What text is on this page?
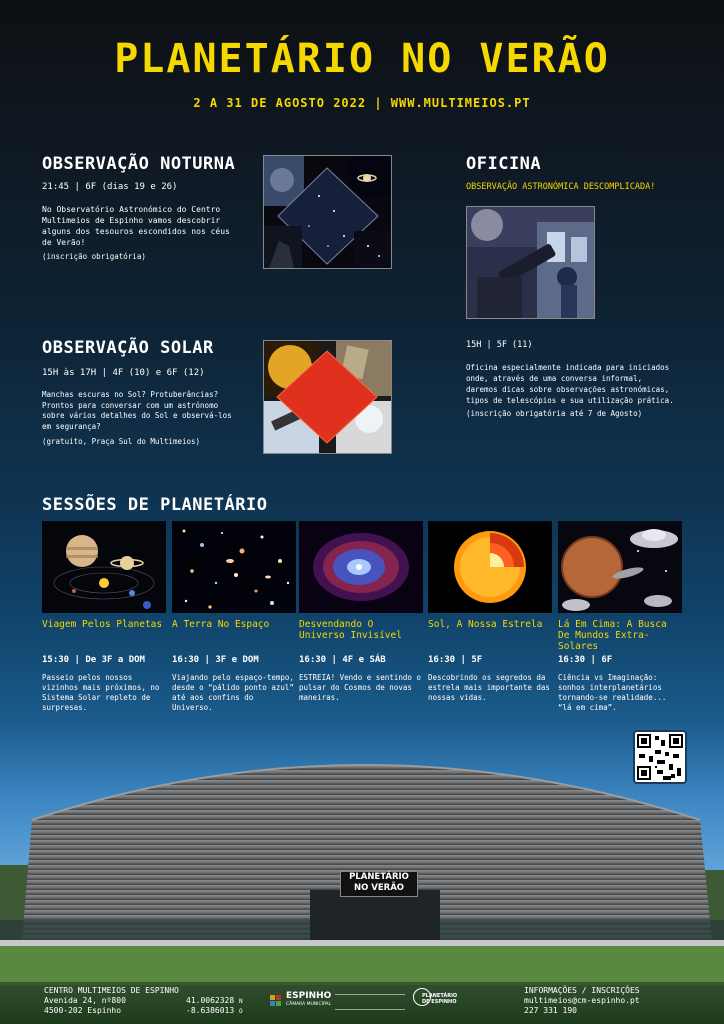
PLANETÁRIO NO VERÃO
2 A 31 DE AGOSTO 2022 | WWW.MULTIMEIOS.PT
OBSERVAÇÃO NOTURNA
21:45 | 6F (dias 19 e 26)
No Observatório Astronómico do Centro Multimeios de Espinho vamos descobrir alguns dos tesouros escondidos nos céus de Verão!
(inscrição obrigatória)
OFICINA
OBSERVAÇÃO ASTRONÓMICA DESCOMPLICADA!
15H | 5F (11)
Oficina especialmente indicada para iniciados onde, através de uma conversa informal, daremos dicas sobre observações astronómicas, tipos de telescópios e sua utilização prática.
(inscrição obrigatória até 7 de Agosto)
OBSERVAÇÃO SOLAR
15H às 17H | 4F (10) e 6F (12)
Manchas escuras no Sol? Protuberâncias? Prontos para conversar com um astrónomo sobre vários detalhes do Sol e observá-los em segurança?
(gratuito, Praça Sul do Multimeios)
SESSÕES DE PLANETÁRIO
Viagem Pelos Planetas
15:30 | De 3F a DOM
Passeio pelos nossos vizinhos mais próximos, no Sistema Solar repleto de surpresas.
A Terra No Espaço
16:30 | 3F e DOM
Viajando pelo espaço-tempo, desde o “pálido ponto azul” até aos confins do Universo.
Desvendando O Universo Invisível
16:30 | 4F e SÁB
ESTREIA! Vendo e sentindo o pulsar do Cosmos de novas maneiras.
Sol, A Nossa Estrela
16:30 | 5F
Descobrindo os segredos da estrela mais importante das nossas vidas.
Lá Em Cima: A Busca De Mundos Extra-Solares
16:30 | 6F
Ciência vs Imaginação: sonhos interplanetários tornando-se realidade... “lá em cima”.
PLANETÁRIO NO VERÃO
CENTRO MULTIMEIOS DE ESPINHO
Avenida 24, nº800
4500-202 Espinho
41.0062328 N
-8.6386013 O
ESPINHO
CÂMARA MUNICIPAL
PLANETÁRIO DE ESPINHO
INFORMAÇÕES / INSCRIÇÕES
multimeios@cm-espinho.pt
227 331 190
